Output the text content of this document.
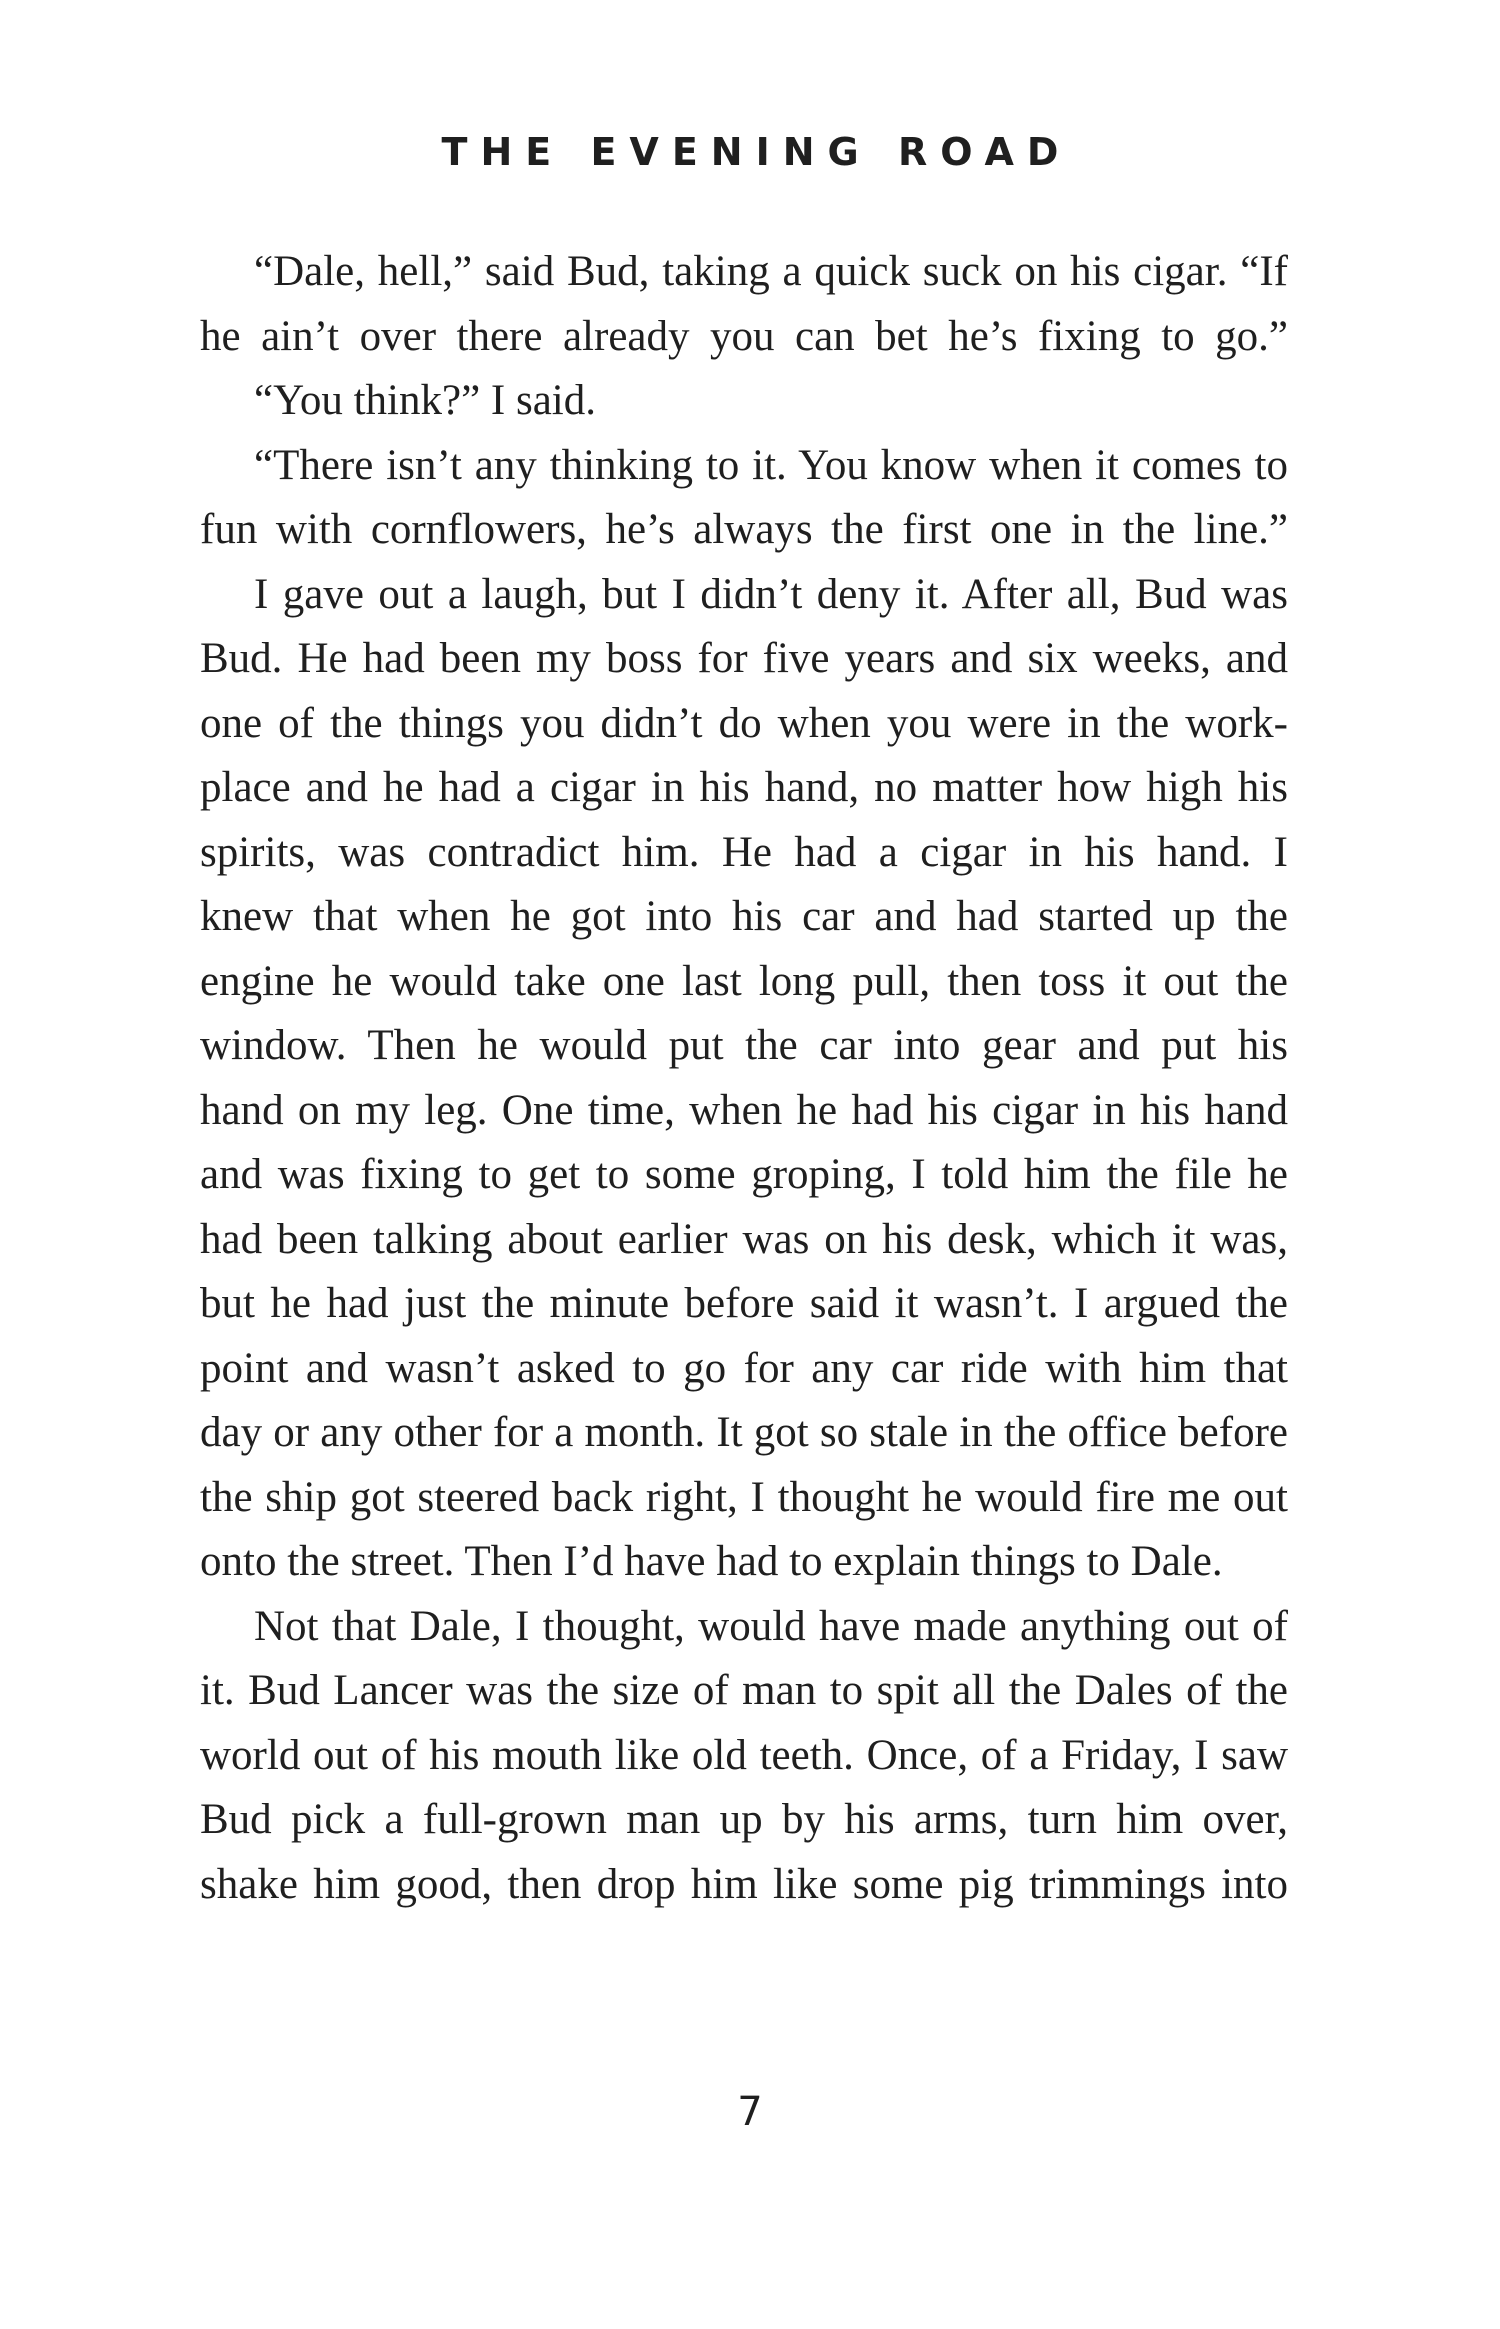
THE EVENING ROAD
“Dale, hell,” said Bud, taking a quick suck on his cigar. “If
he ain’t over there already you can bet he’s fixing to go.”
“You think?” I said.
“There isn’t any thinking to it. You know when it comes to
fun with cornflowers, he’s always the first one in the line.”
I gave out a laugh, but I didn’t deny it. After all, Bud was
Bud. He had been my boss for five years and six weeks, and
one of the things you didn’t do when you were in the work-
place and he had a cigar in his hand, no matter how high his
spirits, was contradict him. He had a cigar in his hand. I
knew that when he got into his car and had started up the
engine he would take one last long pull, then toss it out the
window. Then he would put the car into gear and put his
hand on my leg. One time, when he had his cigar in his hand
and was fixing to get to some groping, I told him the file he
had been talking about earlier was on his desk, which it was,
but he had just the minute before said it wasn’t. I argued the
point and wasn’t asked to go for any car ride with him that
day or any other for a month. It got so stale in the office before
the ship got steered back right, I thought he would fire me out
onto the street. Then I’d have had to explain things to Dale.
Not that Dale, I thought, would have made anything out of
it. Bud Lancer was the size of man to spit all the Dales of the
world out of his mouth like old teeth. Once, of a Friday, I saw
Bud pick a full-grown man up by his arms, turn him over,
shake him good, then drop him like some pig trimmings into
7
